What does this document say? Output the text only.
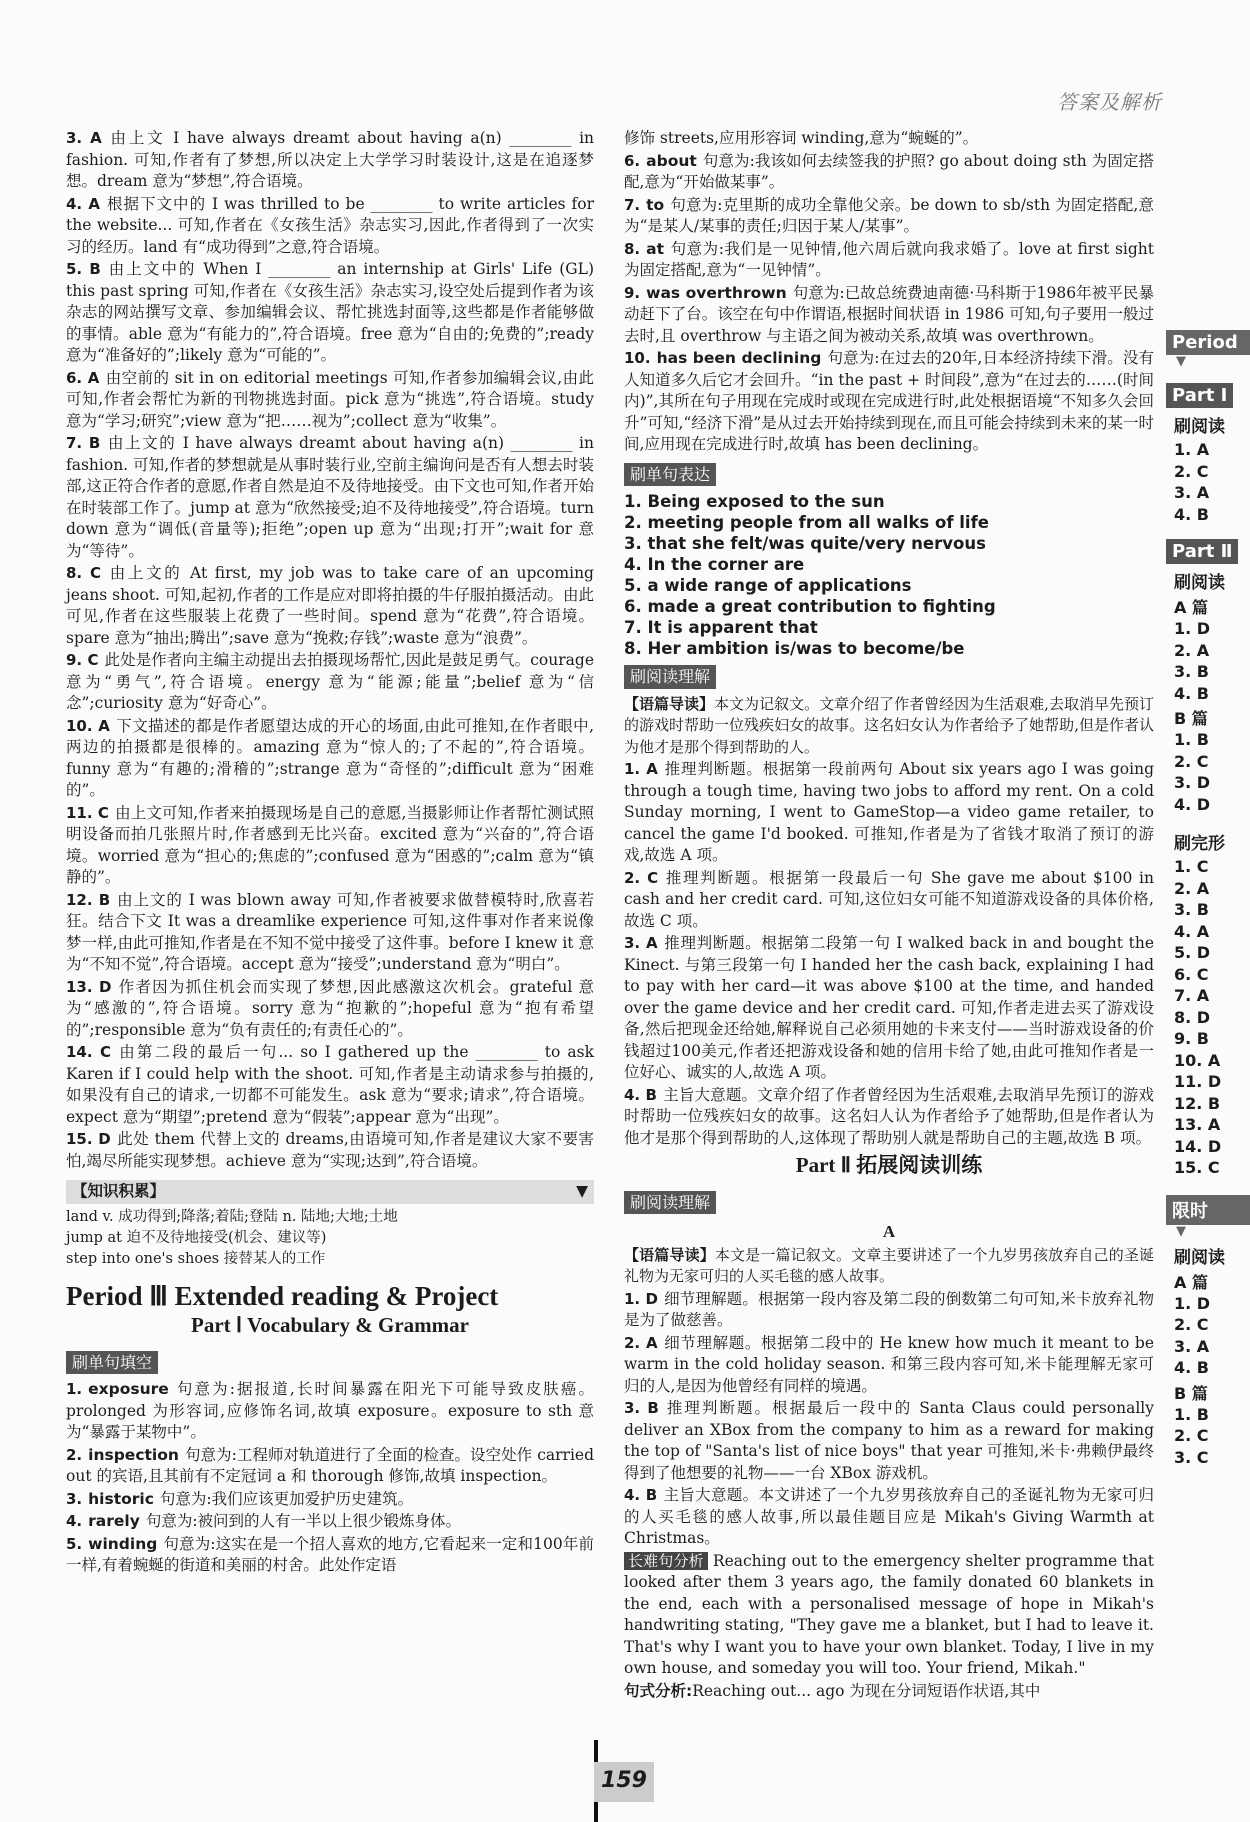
答案及解析
3. A 由上文 I have always dreamt about having a(n) ________ in fashion. 可知,作者有了梦想,所以决定上大学学习时装设计,这是在追逐梦想。dream 意为“梦想”,符合语境。
4. A 根据下文中的 I was thrilled to be ________ to write articles for the website... 可知,作者在《女孩生活》杂志实习,因此,作者得到了一次实习的经历。land 有“成功得到”之意,符合语境。
5. B 由上文中的 When I ________ an internship at Girls' Life (GL) this past spring 可知,作者在《女孩生活》杂志实习,设空处后提到作者为该杂志的网站撰写文章、参加编辑会议、帮忙挑选封面等,这些都是作者能够做的事情。able 意为“有能力的”,符合语境。free 意为“自由的;免费的”;ready 意为“准备好的”;likely 意为“可能的”。
6. A 由空前的 sit in on editorial meetings 可知,作者参加编辑会议,由此可知,作者会帮忙为新的刊物挑选封面。pick 意为“挑选”,符合语境。study 意为“学习;研究”;view 意为“把……视为”;collect 意为“收集”。
7. B 由上文的 I have always dreamt about having a(n) ________ in fashion. 可知,作者的梦想就是从事时装行业,空前主编询问是否有人想去时装部,这正符合作者的意愿,作者自然是迫不及待地接受。由下文也可知,作者开始在时装部工作了。jump at 意为“欣然接受;迫不及待地接受”,符合语境。turn down 意为“调低(音量等);拒绝”;open up 意为“出现;打开”;wait for 意为“等待”。
8. C 由上文的 At first, my job was to take care of an upcoming jeans shoot. 可知,起初,作者的工作是应对即将拍摄的牛仔服拍摄活动。由此可见,作者在这些服装上花费了一些时间。spend 意为“花费”,符合语境。spare 意为“抽出;腾出”;save 意为“挽救;存钱”;waste 意为“浪费”。
9. C 此处是作者向主编主动提出去拍摄现场帮忙,因此是鼓足勇气。courage 意为“勇气”,符合语境。energy 意为“能源;能量”;belief 意为“信念”;curiosity 意为“好奇心”。
10. A 下文描述的都是作者愿望达成的开心的场面,由此可推知,在作者眼中,两边的拍摄都是很棒的。amazing 意为“惊人的;了不起的”,符合语境。funny 意为“有趣的;滑稽的”;strange 意为“奇怪的”;difficult 意为“困难的”。
11. C 由上文可知,作者来拍摄现场是自己的意愿,当摄影师让作者帮忙测试照明设备而拍几张照片时,作者感到无比兴奋。excited 意为“兴奋的”,符合语境。worried 意为“担心的;焦虑的”;confused 意为“困惑的”;calm 意为“镇静的”。
12. B 由上文的 I was blown away 可知,作者被要求做替模特时,欣喜若狂。结合下文 It was a dreamlike experience 可知,这件事对作者来说像梦一样,由此可推知,作者是在不知不觉中接受了这件事。before I knew it 意为“不知不觉”,符合语境。accept 意为“接受”;understand 意为“明白”。
13. D 作者因为抓住机会而实现了梦想,因此感激这次机会。grateful 意为“感激的”,符合语境。sorry 意为“抱歉的”;hopeful 意为“抱有希望的”;responsible 意为“负有责任的;有责任心的”。
14. C 由第二段的最后一句... so I gathered up the ________ to ask Karen if I could help with the shoot. 可知,作者是主动请求参与拍摄的,如果没有自己的请求,一切都不可能发生。ask 意为“要求;请求”,符合语境。expect 意为“期望”;pretend 意为“假装”;appear 意为“出现”。
15. D 此处 them 代替上文的 dreams,由语境可知,作者是建议大家不要害怕,竭尽所能实现梦想。achieve 意为“实现;达到”,符合语境。
【知识积累】	▼
land v. 成功得到;降落;着陆;登陆 n. 陆地;大地;土地
jump at 迫不及待地接受(机会、建议等)
step into one's shoes 接替某人的工作
Period Ⅲ Extended reading & Project
Part Ⅰ Vocabulary & Grammar
刷单句填空
1. exposure 句意为:据报道,长时间暴露在阳光下可能导致皮肤癌。prolonged 为形容词,应修饰名词,故填 exposure。exposure to sth 意为“暴露于某物中”。
2. inspection 句意为:工程师对轨道进行了全面的检查。设空处作 carried out 的宾语,且其前有不定冠词 a 和 thorough 修饰,故填 inspection。
3. historic 句意为:我们应该更加爱护历史建筑。
4. rarely 句意为:被问到的人有一半以上很少锻炼身体。
5. winding 句意为:这实在是一个招人喜欢的地方,它看起来一定和100年前一样,有着蜿蜒的街道和美丽的村舍。此处作定语
修饰 streets,应用形容词 winding,意为“蜿蜒的”。
6. about 句意为:我该如何去续签我的护照? go about doing sth 为固定搭配,意为“开始做某事”。
7. to 句意为:克里斯的成功全靠他父亲。be down to sb/sth 为固定搭配,意为“是某人/某事的责任;归因于某人/某事”。
8. at 句意为:我们是一见钟情,他六周后就向我求婚了。love at first sight 为固定搭配,意为“一见钟情”。
9. was overthrown 句意为:已故总统费迪南德·马科斯于1986年被平民暴动赶下了台。该空在句中作谓语,根据时间状语 in 1986 可知,句子要用一般过去时,且 overthrow 与主语之间为被动关系,故填 was overthrown。
10. has been declining 句意为:在过去的20年,日本经济持续下滑。没有人知道多久后它才会回升。“in the past + 时间段”,意为“在过去的……(时间内)”,其所在句子用现在完成时或现在完成进行时,此处根据语境“不知多久会回升”可知,“经济下滑”是从过去开始持续到现在,而且可能会持续到未来的某一时间,应用现在完成进行时,故填 has been declining。
刷单句表达
1. Being exposed to the sun
2. meeting people from all walks of life
3. that she felt/was quite/very nervous
4. In the corner are
5. a wide range of applications
6. made a great contribution to fighting
7. It is apparent that
8. Her ambition is/was to become/be
刷阅读理解
【语篇导读】本文为记叙文。文章介绍了作者曾经因为生活艰难,去取消早先预订的游戏时帮助一位残疾妇女的故事。这名妇女认为作者给予了她帮助,但是作者认为他才是那个得到帮助的人。
1. A 推理判断题。根据第一段前两句 About six years ago I was going through a tough time, having two jobs to afford my rent. On a cold Sunday morning, I went to GameStop—a video game retailer, to cancel the game I'd booked. 可推知,作者是为了省钱才取消了预订的游戏,故选 A 项。
2. C 推理判断题。根据第一段最后一句 She gave me about $100 in cash and her credit card. 可知,这位妇女可能不知道游戏设备的具体价格,故选 C 项。
3. A 推理判断题。根据第二段第一句 I walked back in and bought the Kinect. 与第三段第一句 I handed her the cash back, explaining I had to pay with her card—it was above $100 at the time, and handed over the game device and her credit card. 可知,作者走进去买了游戏设备,然后把现金还给她,解释说自己必须用她的卡来支付——当时游戏设备的价钱超过100美元,作者还把游戏设备和她的信用卡给了她,由此可推知作者是一位好心、诚实的人,故选 A 项。
4. B 主旨大意题。文章介绍了作者曾经因为生活艰难,去取消早先预订的游戏时帮助一位残疾妇女的故事。这名妇人认为作者给予了她帮助,但是作者认为他才是那个得到帮助的人,这体现了帮助别人就是帮助自己的主题,故选 B 项。
Part Ⅱ 拓展阅读训练
刷阅读理解
A
【语篇导读】本文是一篇记叙文。文章主要讲述了一个九岁男孩放弃自己的圣诞礼物为无家可归的人买毛毯的感人故事。
1. D 细节理解题。根据第一段内容及第二段的倒数第二句可知,米卡放弃礼物是为了做慈善。
2. A 细节理解题。根据第二段中的 He knew how much it meant to be warm in the cold holiday season. 和第三段内容可知,米卡能理解无家可归的人,是因为他曾经有同样的境遇。
3. B 推理判断题。根据最后一段中的 Santa Claus could personally deliver an XBox from the company to him as a reward for making the top of "Santa's list of nice boys" that year 可推知,米卡·弗赖伊最终得到了他想要的礼物——一台 XBox 游戏机。
4. B 主旨大意题。本文讲述了一个九岁男孩放弃自己的圣诞礼物为无家可归的人买毛毯的感人故事,所以最佳题目应是 Mikah's Giving Warmth at Christmas。
长难句分析 Reaching out to the emergency shelter programme that looked after them 3 years ago, the family donated 60 blankets in the end, each with a personalised message of hope in Mikah's handwriting stating, "They gave me a blanket, but I had to leave it. That's why I want you to have your own blanket. Today, I live in my own house, and someday you will too. Your friend, Mikah."
句式分析:Reaching out... ago 为现在分词短语作状语,其中
Period
▼
Part Ⅰ
刷阅读
1. A
2. C
3. A
4. B
Part Ⅱ
刷阅读
A 篇
1. D
2. A
3. B
4. B
B 篇
1. B
2. C
3. D
4. D
刷完形
1. C
2. A
3. B
4. A
5. D
6. C
7. A
8. D
9. B
10. A
11. D
12. B
13. A
14. D
15. C
限时
▼
刷阅读
A 篇
1. D
2. C
3. A
4. B
B 篇
1. B
2. C
3. C
159
